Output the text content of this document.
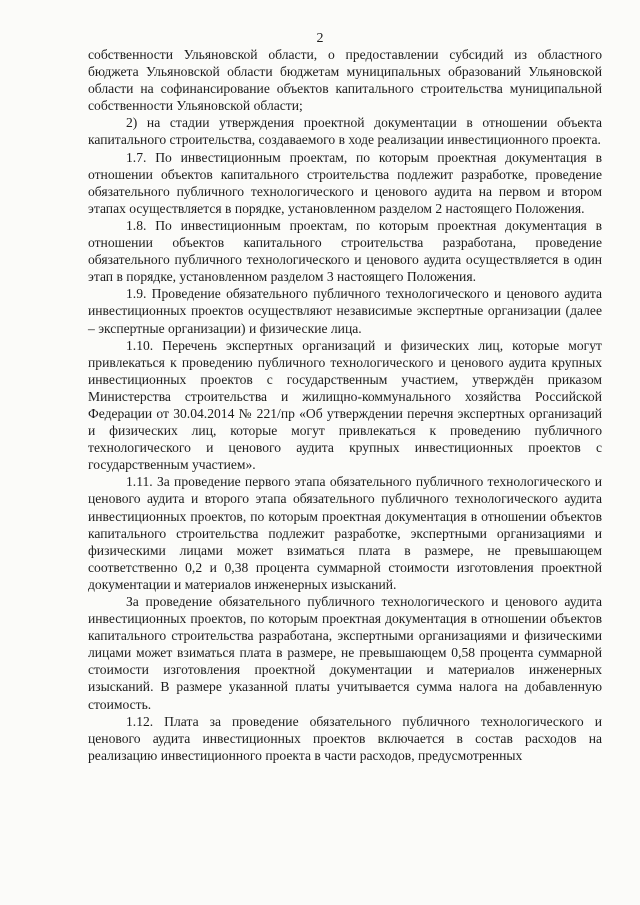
2

собственности Ульяновской области, о предоставлении субсидий из областного бюджета Ульяновской области бюджетам муниципальных образований Ульяновской области на софинансирование объектов капитального строительства муниципальной собственности Ульяновской области;

2) на стадии утверждения проектной документации в отношении объекта капитального строительства, создаваемого в ходе реализации инвестиционного проекта.

1.7. По инвестиционным проектам, по которым проектная документация в отношении объектов капитального строительства подлежит разработке, проведение обязательного публичного технологического и ценового аудита на первом и втором этапах осуществляется в порядке, установленном разделом 2 настоящего Положения.

1.8. По инвестиционным проектам, по которым проектная документация в отношении объектов капитального строительства разработана, проведение обязательного публичного технологического и ценового аудита осуществляется в один этап в порядке, установленном разделом 3 настоящего Положения.

1.9. Проведение обязательного публичного технологического и ценового аудита инвестиционных проектов осуществляют независимые экспертные организации (далее – экспертные организации) и физические лица.

1.10. Перечень экспертных организаций и физических лиц, которые могут привлекаться к проведению публичного технологического и ценового аудита крупных инвестиционных проектов с государственным участием, утверждён приказом Министерства строительства и жилищно-коммунального хозяйства Российской Федерации от 30.04.2014 № 221/пр «Об утверждении перечня экспертных организаций и физических лиц, которые могут привлекаться к проведению публичного технологического и ценового аудита крупных инвестиционных проектов с государственным участием».

1.11. За проведение первого этапа обязательного публичного технологического и ценового аудита и второго этапа обязательного публичного технологического аудита инвестиционных проектов, по которым проектная документация в отношении объектов капитального строительства подлежит разработке, экспертными организациями и физическими лицами может взиматься плата в размере, не превышающем соответственно 0,2 и 0,38 процента суммарной стоимости изготовления проектной документации и материалов инженерных изысканий.

За проведение обязательного публичного технологического и ценового аудита инвестиционных проектов, по которым проектная документация в отношении объектов капитального строительства разработана, экспертными организациями и физическими лицами может взиматься плата в размере, не превышающем 0,58 процента суммарной стоимости изготовления проектной документации и материалов инженерных изысканий. В размере указанной платы учитывается сумма налога на добавленную стоимость.

1.12. Плата за проведение обязательного публичного технологического и ценового аудита инвестиционных проектов включается в состав расходов на реализацию инвестиционного проекта в части расходов, предусмотренных
